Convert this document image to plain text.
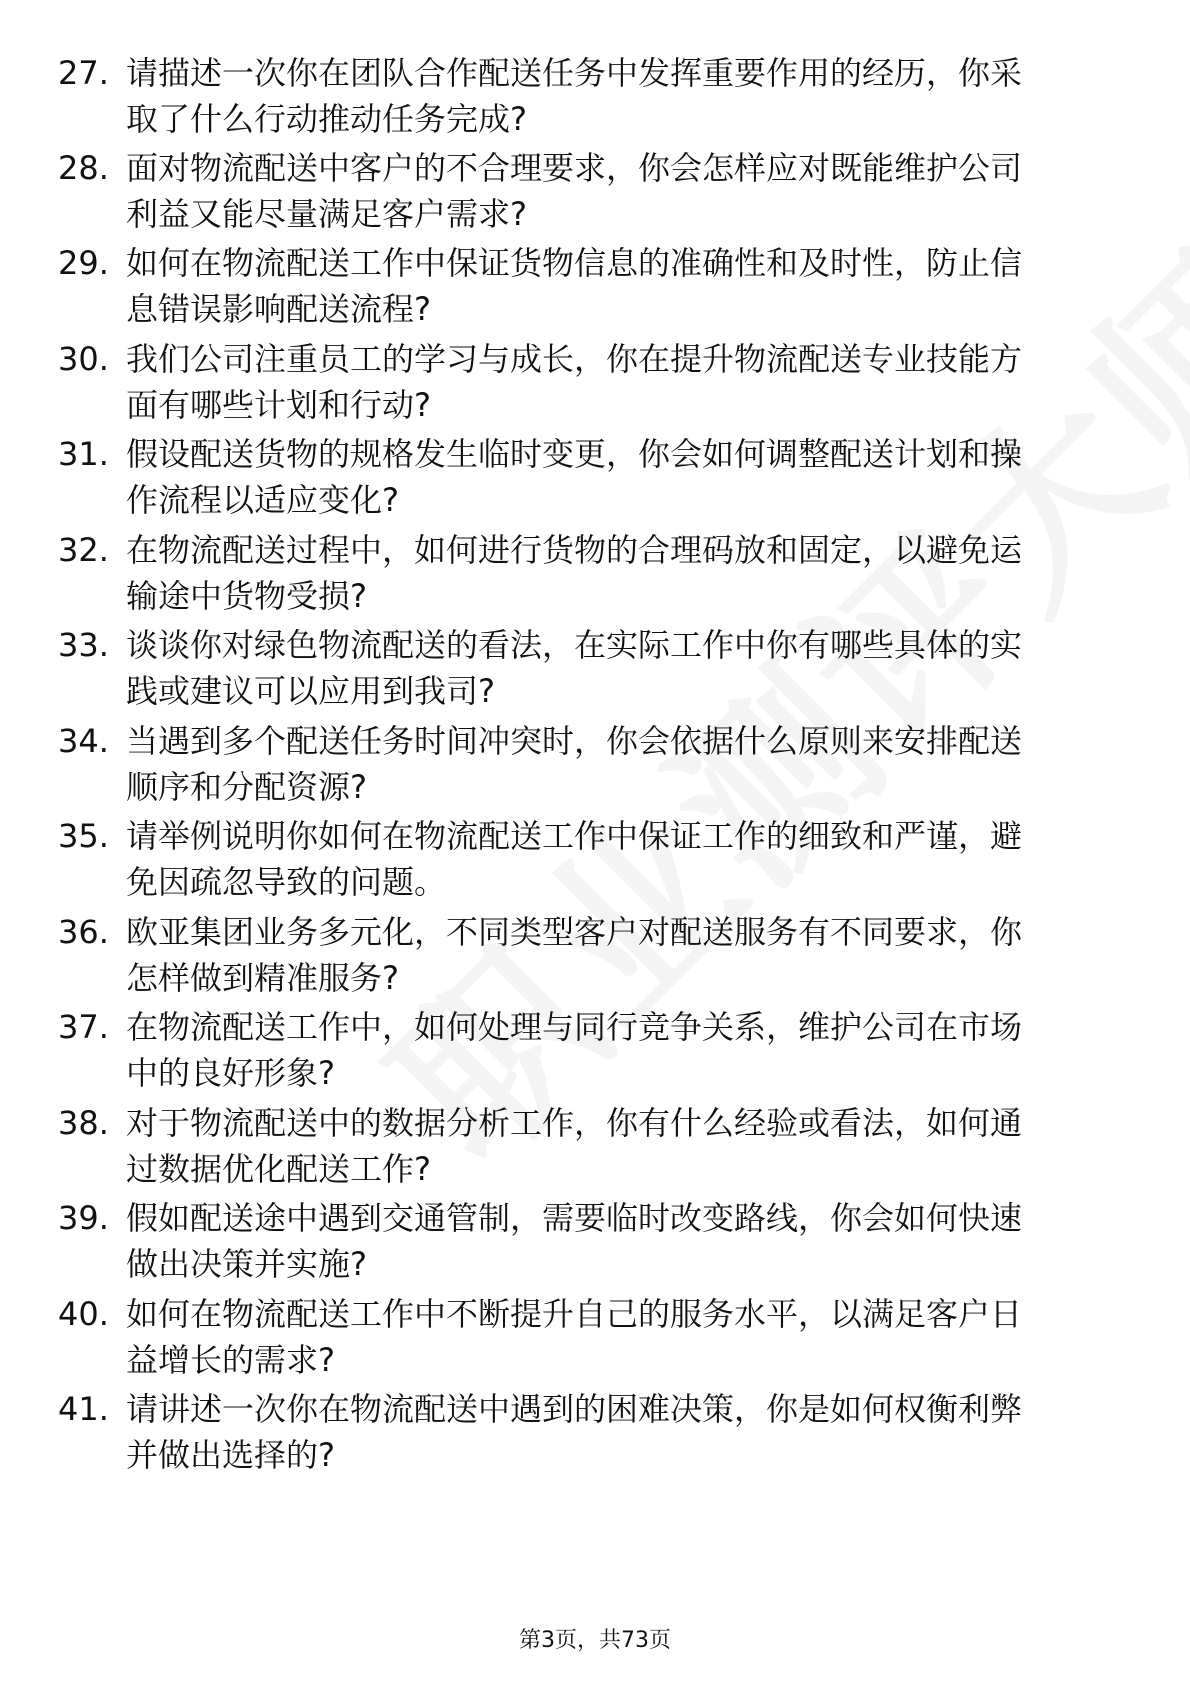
27. 请描述一次你在团队合作配送任务中发挥重要作用的经历，你采
取了什么行动推动任务完成?
28. 面对物流配送中客户的不合理要求，你会怎样应对既能维护公司
利益又能尽量满足客户需求?
29. 如何在物流配送工作中保证货物信息的准确性和及时性，防止信
息错误影响配送流程?
30. 我们公司注重员工的学习与成长，你在提升物流配送专业技能方
面有哪些计划和行动?
31. 假设配送货物的规格发生临时变更，你会如何调整配送计划和操
作流程以适应变化?
32. 在物流配送过程中，如何进行货物的合理码放和固定，以避免运
输途中货物受损?
33. 谈谈你对绿色物流配送的看法，在实际工作中你有哪些具体的实
践或建议可以应用到我司?
34. 当遇到多个配送任务时间冲突时，你会依据什么原则来安排配送
顺序和分配资源?
35. 请举例说明你如何在物流配送工作中保证工作的细致和严谨，避
免因疏忽导致的问题。
36. 欧亚集团业务多元化，不同类型客户对配送服务有不同要求，你
怎样做到精准服务?
37. 在物流配送工作中，如何处理与同行竞争关系，维护公司在市场
中的良好形象?
38. 对于物流配送中的数据分析工作，你有什么经验或看法，如何通
过数据优化配送工作?
39. 假如配送途中遇到交通管制，需要临时改变路线，你会如何快速
做出决策并实施?
40. 如何在物流配送工作中不断提升自己的服务水平，以满足客户日
益增长的需求?
41. 请讲述一次你在物流配送中遇到的困难决策，你是如何权衡利弊
并做出选择的?
第3页，共73页
